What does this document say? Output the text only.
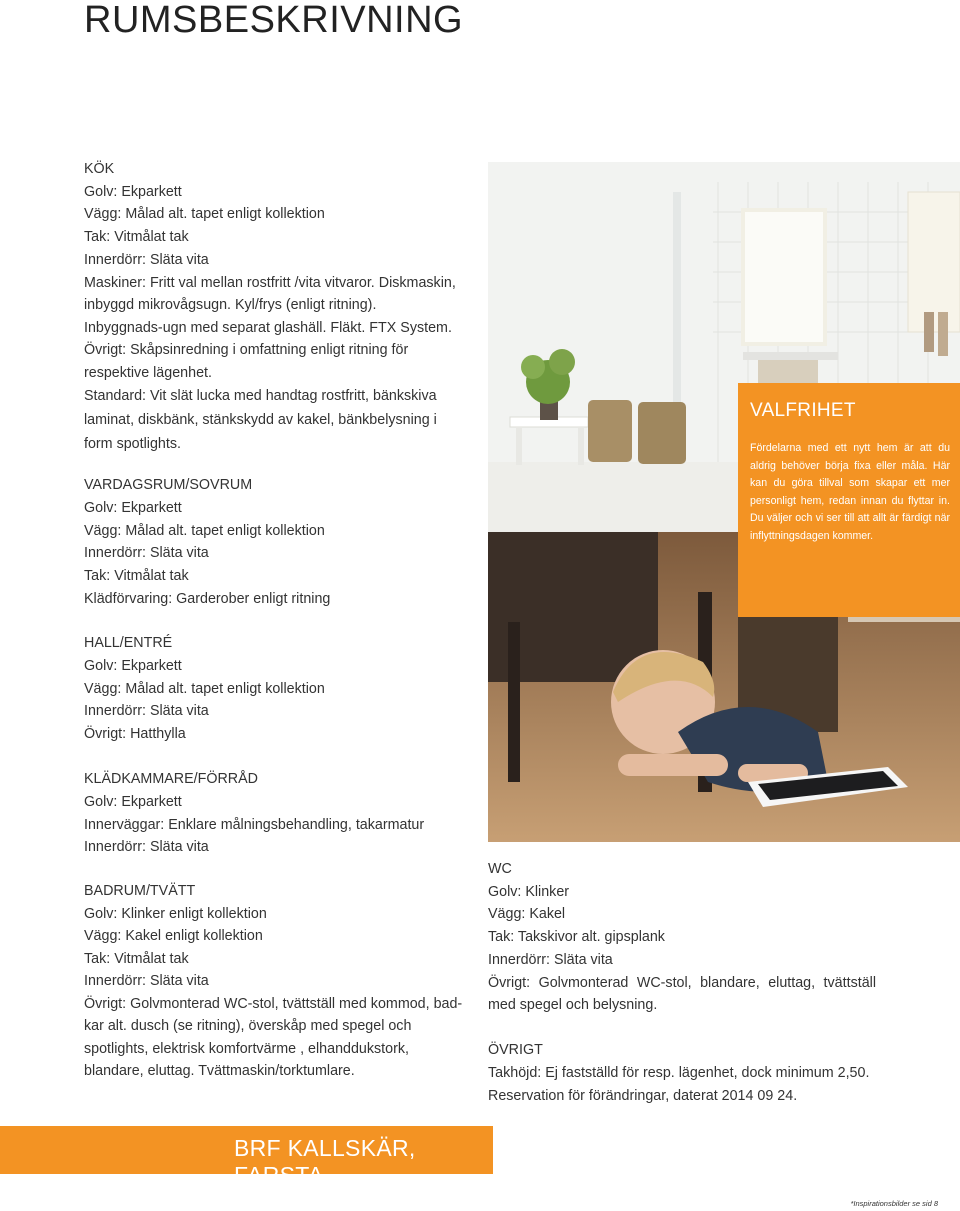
RUMSBESKRIVNING
KÖK
Golv: Ekparkett
Vägg: Målad alt. tapet enligt kollektion
Tak: Vitmålat tak
Innerdörr: Släta vita
Maskiner: Fritt val mellan rostfritt /vita vitvaror. Diskmaskin, inbyggd mikrovågsugn. Kyl/frys (enligt ritning). Inbyggnads-ugn med separat glashäll. Fläkt. FTX System.
Övrigt: Skåpsinredning i omfattning enligt ritning för respektive lägenhet.
Standard: Vit slät lucka med handtag rostfritt, bänkskiva laminat, diskbänk, stänkskydd av kakel, bänkbelysning i form spotlights.
VARDAGSRUM/SOVRUM
Golv: Ekparkett
Vägg: Målad alt. tapet enligt kollektion
Innerdörr: Släta vita
Tak: Vitmålat tak
Klädförvaring: Garderober enligt ritning
HALL/ENTRÉ
Golv: Ekparkett
Vägg: Målad alt. tapet enligt kollektion
Innerdörr: Släta vita
Övrigt: Hatthylla
KLÄDKAMMARE/FÖRRÅD
Golv: Ekparkett
Innerväggar: Enklare målningsbehandling, takarmatur
Innerdörr: Släta vita
BADRUM/TVÄTT
Golv: Klinker enligt kollektion
Vägg: Kakel enligt kollektion
Tak: Vitmålat tak
Innerdörr: Släta vita
Övrigt: Golvmonterad WC-stol, tvättställ med kommod, bad-kar alt. dusch (se ritning), överskåp med spegel och spotlights, elektrisk komfortvärme , elhanddukstork, blandare, eluttag. Tvättmaskin/torktumlare.
VALFRIHET
Fördelarna med ett nytt hem är att du aldrig behöver börja fixa eller måla. Här kan du göra tillval som skapar ett mer personligt hem, redan innan du flyttar in. Du väljer och vi ser till att allt är färdigt när inflyttningsdagen kommer.
WC
Golv: Klinker
Vägg: Kakel
Tak: Takskivor alt. gipsplank
Innerdörr: Släta vita
Övrigt: Golvmonterad WC-stol, blandare, eluttag, tvättställ med spegel och belysning.
ÖVRIGT
Takhöjd: Ej fastställd för resp. lägenhet, dock minimum 2,50.
Reservation för förändringar, daterat 2014 09 24.
BRF KALLSKÄR, FARSTA
*Inspirationsbilder se sid 8
